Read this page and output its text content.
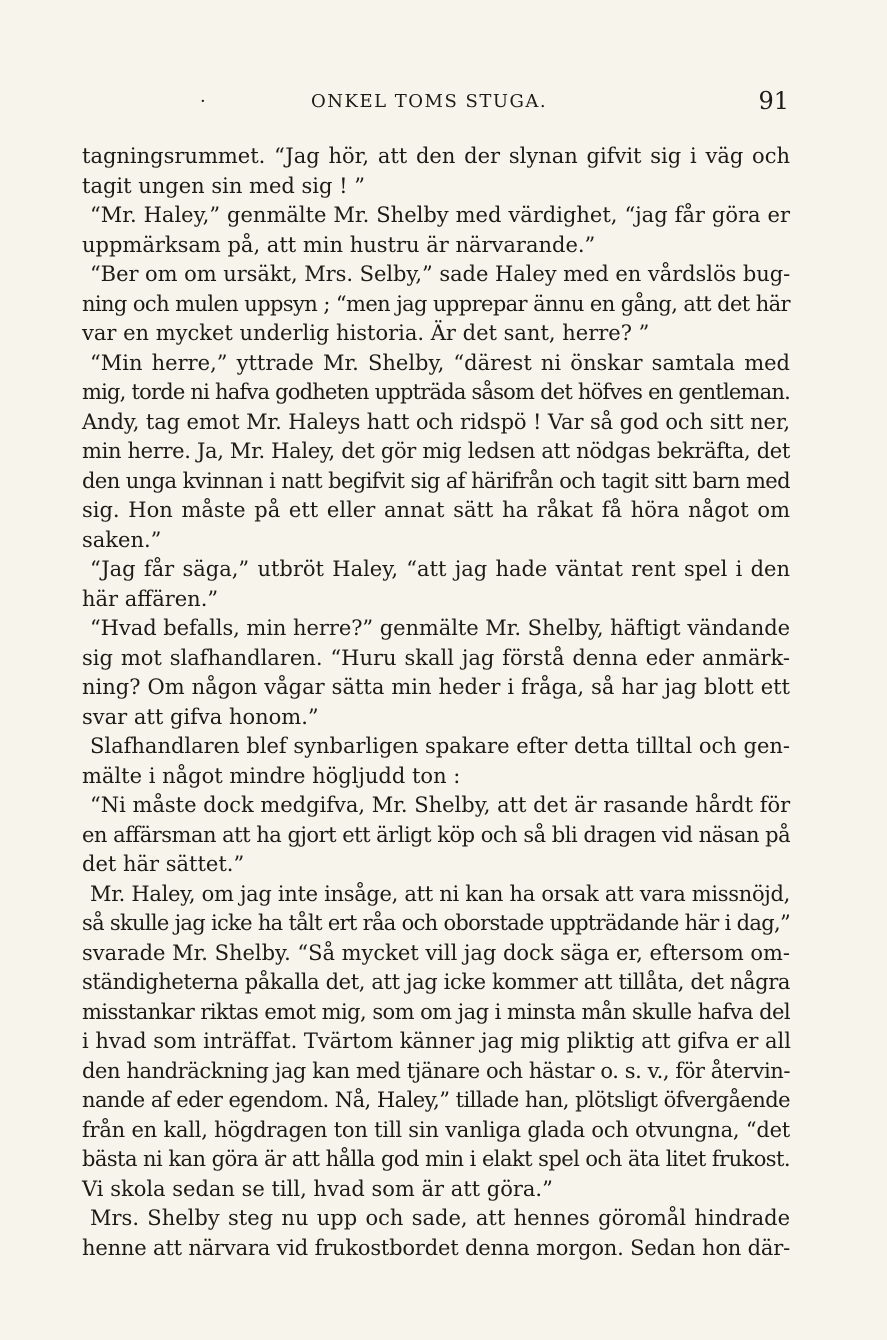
·	ONKEL TOMS STUGA.	91
tagningsrummet. “Jag hör, att den der slynan gifvit sig i väg och
tagit ungen sin med sig ! ”
“Mr. Haley,” genmälte Mr. Shelby med värdighet, “jag får göra er
uppmärksam på, att min hustru är närvarande.”
“Ber om om ursäkt, Mrs. Selby,” sade Haley med en vårdslös bug-
ning och mulen uppsyn ; “men jag upprepar ännu en gång, att det här
var en mycket underlig historia. Är det sant, herre? ”
“Min herre,” yttrade Mr. Shelby, “därest ni önskar samtala med
mig, torde ni hafva godheten uppträda såsom det höfves en gentleman.
Andy, tag emot Mr. Haleys hatt och ridspö ! Var så god och sitt ner,
min herre. Ja, Mr. Haley, det gör mig ledsen att nödgas bekräfta, det
den unga kvinnan i natt begifvit sig af härifrån och tagit sitt barn med
sig. Hon måste på ett eller annat sätt ha råkat få höra något om
saken.”
“Jag får säga,” utbröt Haley, “att jag hade väntat rent spel i den
här affären.”
“Hvad befalls, min herre?” genmälte Mr. Shelby, häftigt vändande
sig mot slafhandlaren. “Huru skall jag förstå denna eder anmärk-
ning? Om någon vågar sätta min heder i fråga, så har jag blott ett
svar att gifva honom.”
Slafhandlaren blef synbarligen spakare efter detta tilltal och gen-
mälte i något mindre högljudd ton :
“Ni måste dock medgifva, Mr. Shelby, att det är rasande hårdt för
en affärsman att ha gjort ett ärligt köp och så bli dragen vid näsan på
det här sättet.”
Mr. Haley, om jag inte insåge, att ni kan ha orsak att vara missnöjd,
så skulle jag icke ha tålt ert råa och oborstade uppträdande här i dag,”
svarade Mr. Shelby. “Så mycket vill jag dock säga er, eftersom om-
ständigheterna påkalla det, att jag icke kommer att tillåta, det några
misstankar riktas emot mig, som om jag i minsta mån skulle hafva del
i hvad som inträffat. Tvärtom känner jag mig pliktig att gifva er all
den handräckning jag kan med tjänare och hästar o. s. v., för återvin-
nande af eder egendom. Nå, Haley,” tillade han, plötsligt öfvergående
från en kall, högdragen ton till sin vanliga glada och otvungna, “det
bästa ni kan göra är att hålla god min i elakt spel och äta litet frukost.
Vi skola sedan se till, hvad som är att göra.”
Mrs. Shelby steg nu upp och sade, att hennes göromål hindrade
henne att närvara vid frukostbordet denna morgon. Sedan hon där-
